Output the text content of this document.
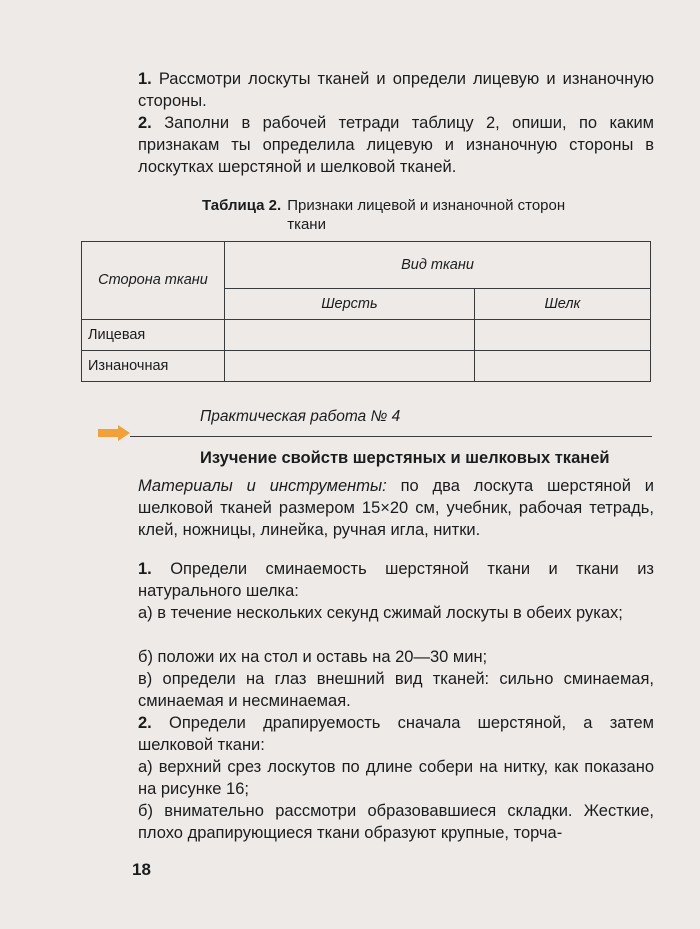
1. Рассмотри лоскуты тканей и определи лицевую и изнаночную стороны.
2. Заполни в рабочей тетради таблицу 2, опиши, по каким признакам ты определила лицевую и изнаночную стороны в лоскутках шерстяной и шелковой тканей.
Таблица 2. Признаки лицевой и изнаночной сторон ткани
Сторона ткани	Вид ткани	
	Шерсть	Шелк
Лицевая		
Изнаночная		
Практическая работа № 4
Изучение свойств шерстяных и шелковых тканей
Материалы и инструменты: по два лоскута шерстяной и шелковой тканей размером 15×20 см, учебник, рабочая тетрадь, клей, ножницы, линейка, ручная игла, нитки.
1. Определи сминаемость шерстяной ткани и ткани из натурального шелка:
а) в течение нескольких секунд сжимай лоскуты в обеих руках;
б) положи их на стол и оставь на 20—30 мин;
в) определи на глаз внешний вид тканей: сильно сминаемая, сминаемая и несминаемая.
2. Определи драпируемость сначала шерстяной, а затем шелковой ткани:
а) верхний срез лоскутов по длине собери на нитку, как показано на рисунке 16;
б) внимательно рассмотри образовавшиеся складки. Жесткие, плохо драпирующиеся ткани образуют крупные, торча-
18
